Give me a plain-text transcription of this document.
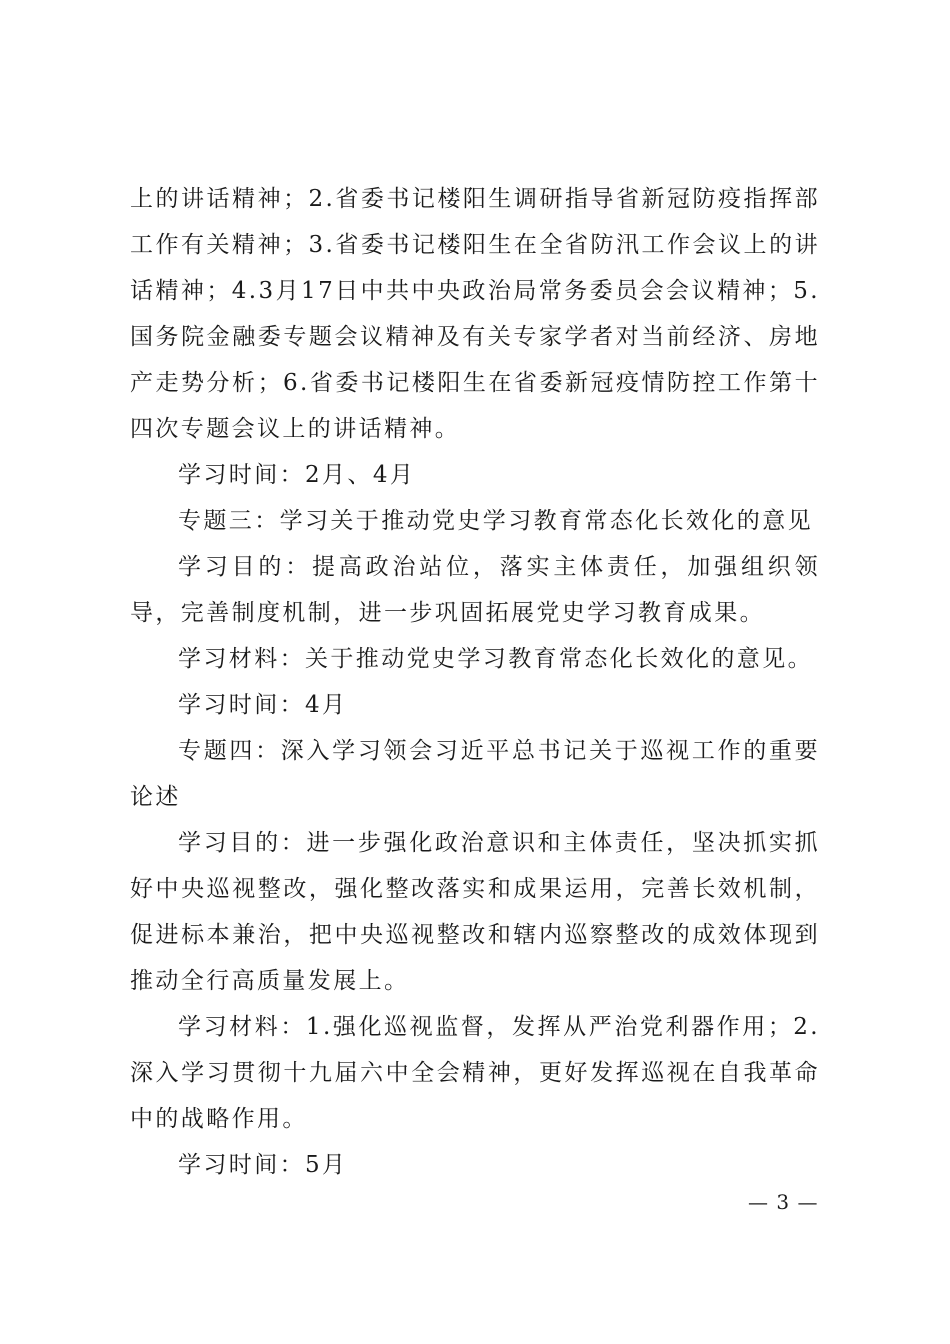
上的讲话精神；2.省委书记楼阳生调研指导省新冠防疫指挥部工作有关精神；3.省委书记楼阳生在全省防汛工作会议上的讲话精神；4.3月17日中共中央政治局常务委员会会议精神；5.国务院金融委专题会议精神及有关专家学者对当前经济、房地产走势分析；6.省委书记楼阳生在省委新冠疫情防控工作第十四次专题会议上的讲话精神。

学习时间：2月、4月

专题三：学习关于推动党史学习教育常态化长效化的意见

学习目的：提高政治站位，落实主体责任，加强组织领导，完善制度机制，进一步巩固拓展党史学习教育成果。

学习材料：关于推动党史学习教育常态化长效化的意见。

学习时间：4月

专题四：深入学习领会习近平总书记关于巡视工作的重要论述

学习目的：进一步强化政治意识和主体责任，坚决抓实抓好中央巡视整改，强化整改落实和成果运用，完善长效机制，促进标本兼治，把中央巡视整改和辖内巡察整改的成效体现到推动全行高质量发展上。

学习材料：1.强化巡视监督，发挥从严治党利器作用；2.深入学习贯彻十九届六中全会精神，更好发挥巡视在自我革命中的战略作用。

学习时间：5月

— 3 —
